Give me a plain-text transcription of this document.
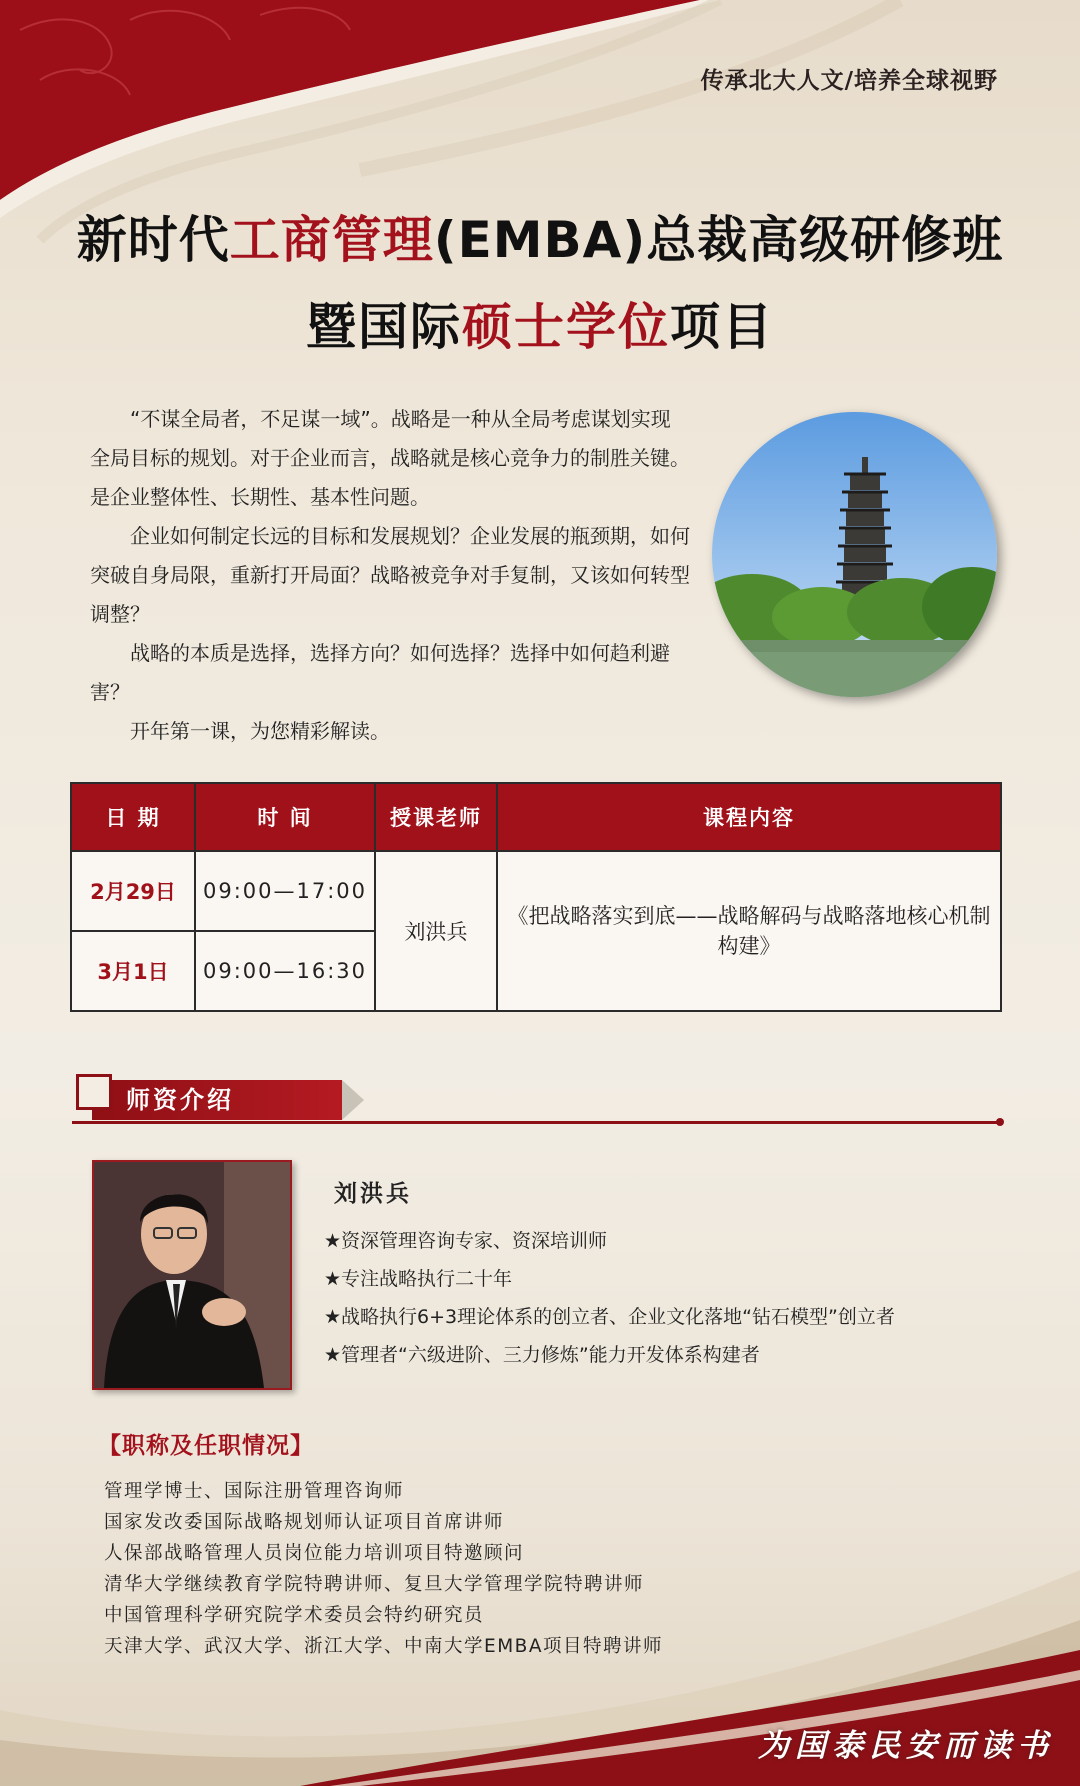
传承北大人文/培养全球视野
新时代工商管理(EMBA)总裁高级研修班
暨国际硕士学位项目

“不谋全局者，不足谋一域”。战略是一种从全局考虑谋划实现全局目标的规划。对于企业而言，战略就是核心竞争力的制胜关键。是企业整体性、长期性、基本性问题。

企业如何制定长远的目标和发展规划？企业发展的瓶颈期，如何突破自身局限，重新打开局面？战略被竞争对手复制，又该如何转型调整？

战略的本质是选择，选择方向？如何选择？选择中如何趋利避害？

开年第一课，为您精彩解读。

日 期	时 间	授课老师	课程内容
2月29日	09:00—17:00	刘洪兵	《把战略落实到底——战略解码与战略落地核心机制构建》
3月1日	09:00—16:30		
师资介绍
刘洪兵
★资深管理咨询专家、资深培训师
★专注战略执行二十年
★战略执行6+3理论体系的创立者、企业文化落地“钻石模型”创立者
★管理者“六级进阶、三力修炼”能力开发体系构建者
【职称及任职情况】
管理学博士、国际注册管理咨询师
国家发改委国际战略规划师认证项目首席讲师
人保部战略管理人员岗位能力培训项目特邀顾问
清华大学继续教育学院特聘讲师、复旦大学管理学院特聘讲师
中国管理科学研究院学术委员会特约研究员
天津大学、武汉大学、浙江大学、中南大学EMBA项目特聘讲师
为国泰民安而读书
